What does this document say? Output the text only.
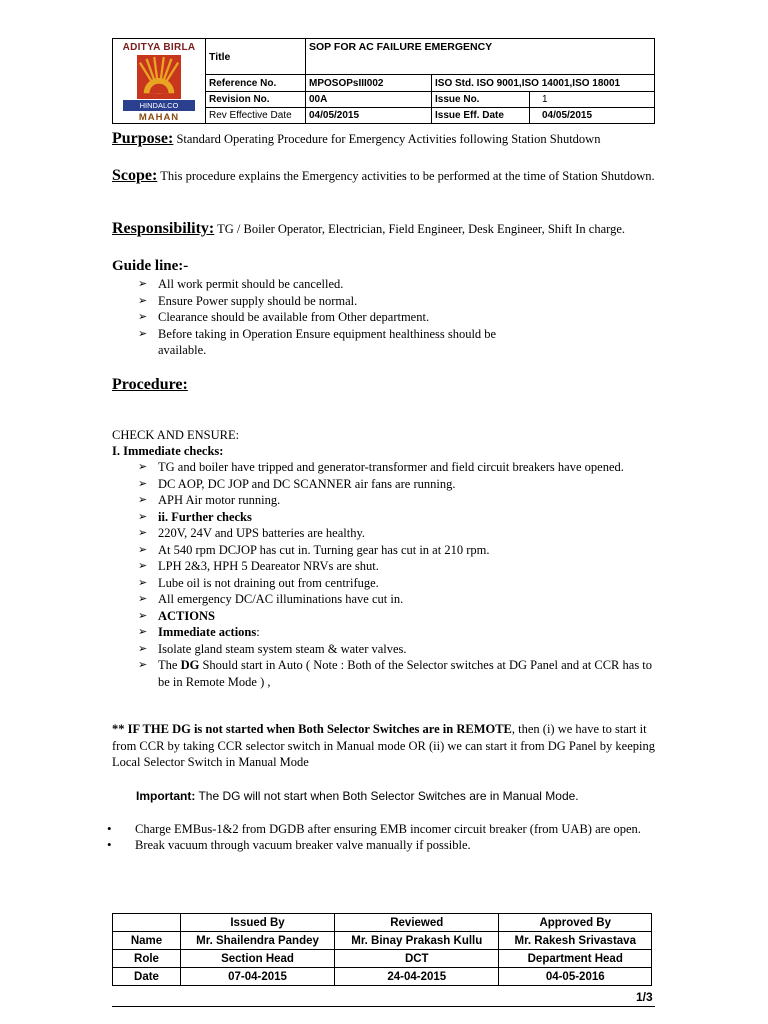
ADITYA BIRLA
HINDALCO
MAHAN	Title	SOP FOR AC FAILURE EMERGENCY		
	Reference No.	MPOSOPsIII002	ISO Std. ISO 9001,ISO 14001,ISO 18001	
	Revision No.	00A	Issue No.	1
	Rev Effective Date	04/05/2015	Issue Eff. Date	04/05/2015
Purpose: Standard Operating Procedure for Emergency Activities following Station Shutdown
Scope: This procedure explains the Emergency activities to be performed at the time of Station Shutdown.
Responsibility: TG / Boiler Operator, Electrician, Field Engineer, Desk Engineer, Shift In charge.
Guide line:-
➢ All work permit should be cancelled.
➢ Ensure Power supply should be normal.
➢ Clearance should be available from Other department.
➢ Before taking in Operation Ensure equipment healthiness should be available.
Procedure:
CHECK AND ENSURE:
I. Immediate checks:
➢ TG and boiler have tripped and generator-transformer and field circuit breakers have opened.
➢ DC AOP, DC JOP and DC SCANNER air fans are running.
➢ APH Air motor running.
➢ ii. Further checks
➢ 220V, 24V and UPS batteries are healthy.
➢ At 540 rpm DCJOP has cut in. Turning gear has cut in at 210 rpm.
➢ LPH 2&3, HPH 5 Deareator NRVs are shut.
➢ Lube oil is not draining out from centrifuge.
➢ All emergency DC/AC illuminations have cut in.
➢ ACTIONS
➢ Immediate actions:
➢ Isolate gland steam system steam & water valves.
➢ The DG Should start in Auto ( Note : Both of the Selector switches at DG Panel and at CCR has to be in Remote Mode ) ,
** IF THE DG is not started when Both Selector Switches are in REMOTE, then (i) we have to start it from CCR by taking CCR selector switch in Manual mode OR (ii) we can start it from DG Panel by keeping Local Selector Switch in Manual Mode
Important: The DG will not start when Both Selector Switches are in Manual Mode.
• Charge EMBus-1&2 from DGDB after ensuring EMB incomer circuit breaker (from UAB) are open.
• Break vacuum through vacuum breaker valve manually if possible.
	Issued By	Reviewed	Approved By
Name	Mr. Shailendra Pandey	Mr. Binay Prakash Kullu	Mr. Rakesh Srivastava
Role	Section Head	DCT	Department Head
Date	07-04-2015	24-04-2015	04-05-2016
1/3
